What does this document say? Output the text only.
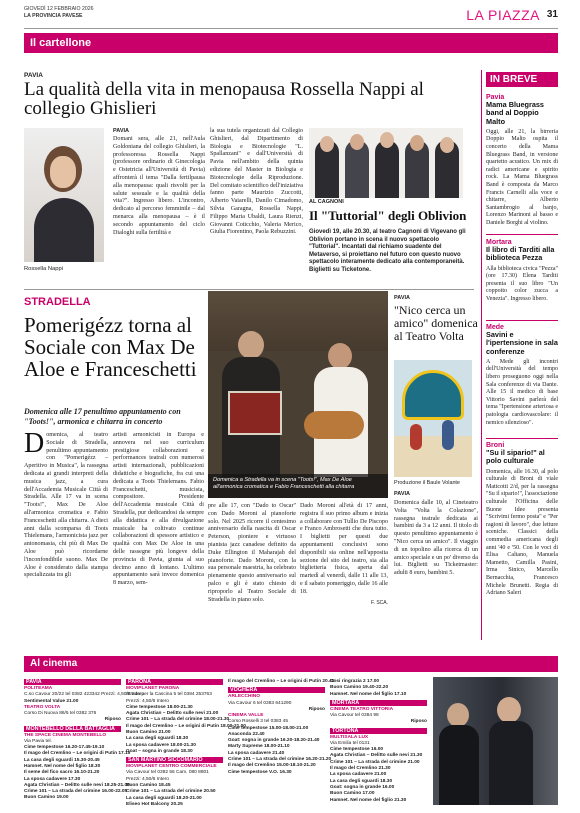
GIOVEDÌ 12 FEBBRAIO 2026
LA PROVINCIA PAVESE	LA PIAZZA 31
Il cartellone
PAVIA
La qualità della vita in menopausa Rossella Nappi al collegio Ghislieri
Rossella Nappi
PAVIA
Domani sera, alle 21, nell'Aula Goldoniana del collegio Ghislieri, la professoressa Rossella Nappi (professore ordinario di Ginecologia e Ostetricia all'Università di Pavia) affronterà il tema "Dalla fertilpausa alla menopausa: quali risvolti per la salute sessuale e la qualità della vita?". Ingresso libero. L'incontro, dedicato al percorso femminile – dal menarca alla menopausa – è il secondo appuntamento del ciclo Dialoghi sulla fertilità e
la sua tutela organizzati dal Collegio Ghislieri, dal Dipartimento di Biologia e Biotecnologie "L. Spallanzani" e dall'Università di Pavia nell'ambito della quinta edizione del Master in Biologia e Biotecnologie della Riproduzione. Del comitato scientifico dell'iniziativa fanno parte Maurizio Zuccotti, Alberto Vaiarelli, Danilo Cimadomo, Silvia Garagna, Rossella Nappi, Filippo Maria Ubaldi, Laura Rienzi, Giovanni Coticchio, Valeria Merico, Giulia Fiorentino, Paola Rebuzzini.
AL CAGNONI
Il "Tuttorial" degli Oblivion
Giovedì 19, alle 20.30, al teatro Cagnoni di Vigevano gli Oblivion portano in scena il nuovo spettacolo "Tuttorial". Incantati dal richiamo suadente del Metaverso, si proiettano nel futuro con questo nuovo spettacolo interamente dedicato alla contemporaneità. Biglietti su Ticketone.
IN BREVE
Pavia
Mama Bluegrass band al Doppio Malto
Oggi, alle 21, la birreria Doppio Malto ospita il concerto della Mama Bluegrass Band, in versione quartetto acustico. Un mix di radici americane e spirito rock. La Mama Bluegrass Band è composta da Marco Francis Carnelli alla voce e chitarre, Alberto Santambrogio al banjo, Lorenzo Marinoni al basso e Daniele Borghi al violino.
Mortara
Il libro di Tarditi alla biblioteca Pezza
Alla biblioteca civica "Pezza" (ore 17.30) Elena Tarditi presenta il suo libro "Un coppotto color zucca a Venezia". Ingresso libero.
Mede
Savini e l'ipertensione in sala conferenze
A Mede gli incontri dell'Università del tempo libero proseguono oggi nella Sala conferenze di via Dante. Alle 15 il medico di base Vittorio Savini parlerà del tema "Ipertensione arteriosa e patologia cardiovascolare: il nemico silenzioso".
Broni
"Su il sipario!" al polo culturale
Domenica, alle 16.30, al polo culturale di Broni di viale Mattcotti 2/d, per la rassegna "Su il sipario!", l'associazione culturale l'Officina delle Buone Idee presenta "Scrivimi fermo posta" e "Per ragioni di lavoro", due letture sceniche. Classici della commedia americana degli anni '40 e '50. Con le voci di Elisa Caltano, Manuela Mametto, Camilla Pasini, Irma Sinico, Marcello Bernacchia, Francesco Michele Brunetti. Regia di Adriano Saleri
STRADELLA
Pomerigézz torna al Sociale con Max De Aloe e Franceschetti
Domenica alle 17 penultimo appuntamento con "Toots!", armonica e chitarra in concerto
Domenica, al teatro Sociale di Stradella, penultimo appuntamento con "Pomerigézz – Aperitivo in Musica", la rassegna dedicata ai grandi interpreti della musica jazz, a cura dell'Accademia Musicale Città di Stradella. Alle 17 va in scena "Toots!", Max De Aloe all'armonica cromatica e Fabio Franceschetti alla chitarra. A dieci anni dalla scomparsa di Toots Thielemans, l'armonicista jazz per antonomasia, chi più di Max De Aloe può ricordarne l'inconfondibile suono. Max De Aloe è considerato dalla stampa specializzata tra gli
artisti armonicisti in Europa e annovera nel suo curriculum prestigiose collaborazioni e performances teatrali con numerosi artisti internazionali, pubblicazioni didattiche e biografiche, fra cui una dedicata a Toots Thielemans. Fabio Franceschetti, musicista, compositore. Presidente dell'Accademia musicale Città di Stradella, pur dedicandosi da sempre alla didattica e alla divulgazione musicale ha coltivato continue collaborazioni di spessore artistico e qualità con Max De Aloe in una delle rassegne più longeve della provincia di Pavia, giunta al suo decimo anno di lontano. L'ultimo appuntamento sarà invece domenica 8 marzo, sem-
Domenica a Stradella va in scena "Toots!", Max De Aloe all'armonica cromatica e Fabio Franceschetti alla chitarra
pre alle 17, con "Dado to Oscar" con Dado Moroni al pianoforte solo. Nel 2025 ricorre il centesimo anniversario della nascita di Oscar Peterson, pioniere e virtuoso pianista jazz canadese definito da Duke Ellington il Maharajah del pianoforte. Dado Moroni, con la sua personale maestria, ha celebrato pienamente questo anniversario sul palco e gli è stato chiesto di riproporlo al Teatro Sociale di Stradella in piano solo.
Dado Moroni all'età di 17 anni, registra il suo primo album e inizia a collaborare con Tullio De Piscopo e Franco Ambrosetti che dura tutto. I biglietti per questi due appuntamenti conclusivi sono disponibili sia online nell'apposita sezione del sito del teatro, sia alla biglietteria fisica, aperta dal martedì al venerdì, dalle 11 alle 13, e il sabato pomeriggio, dalle 16 alle 18.
F. SCA.
PAVIA
"Nico cerca un amico" domenica al Teatro Volta
Produzione il Baule Volante
PAVIA
Domenica dalle 10, al Cineteatro Volta "Volta la Colazione", rassegna teatrale dedicata ai bambini da 3 a 12 anni. Il titolo di questo penultimo appuntamento è "Nico cerca un amico". Il viaggio di un topolino alla ricerca di un amico speciale e un po' diverso da lui. Biglietti su Ticketmaster: adulti 8 euro, bambini 5.
Al cinema
PAVIA
POLITEAMA
C.so Cavour 20/22 tel 0382 423342 Prezzi: 4,50/6 Intero
Sentimental Value 21.00
TEATRO VOLTA
Corso Di Nuova 86/5 tel 0382 376
Riposo
MONTEBELLO DELLA BATTAGLIA
THE SPACE CINEMA MONTEBELLO
Via Pavia tel.
Cime tempestose 16.20-17.45-19.10
Il mago del Cremlino – Le origini di Putin 17.15
La casa degli sguardi 15.30-20.45
Hamnet. Nel nome del figlio 18.30
Il seme del fico sacro 16.10-21.20
La sposa cadavere 17.30
Agata Christian – Delitto sulle nevi 18.25-21.00
Crime 101 – La strada del crimine 16.00-22.05
Buon Camino 19.00
PARONA
MOVIPLANET PARONA
Strada per la Cascina 5 tel 0384 253763
Prezzi: 4,50/6 Intero
Cime tempestose 18.00-21.30
Agata Christian – Delitto sulle nevi 21.00
Crime 101 – La strada del crimine 18.00-21.30
Il mago del Cremlino – Le origini di Putin 18.00-21.00
Buon Camino 21.00
La casa degli sguardi 18.30
La sposa cadavere 18.00-21.30
Goat – sogna in grande 18.30
SAN MARTINO SICCOMARIO
MOVIPLANET CENTRO COMMERCIALE
Via Cavour tel 0382 56 Cam. 080 8801
Prezzi: 4,50/6 Intero
Buon Camino 18.45
Crime 101 – La strada del crimine 20.50
La casa degli sguardi 18.20-21.00
Eliseo Hot Balcony 20.25
Il mago del Cremlino – Le origini di Putin 20.45
VOGHERA
ARLECCHINO
Via Cavour 6 tel 0383 641290
Riposo
CINEMA VALLE
Corso Rosselli 3 tel 0383 45
Cime tempestose 15.00-18.00-21.00
Anaconda 22.40
Goat: sogna in grande 16.20-18.20-21.40
Marty Supreme 18.00-21.10
La sposa cadavere 21.40
Crime 101 – La strada del crimine 16.20-21.20
Il mago del Cremlino 15.00-18.10-21.20
Cime tempestose V.O. 16.30
Cosi ringrazia 2 17.00
Buon Camino 19.40-22.20
Hamnet. Nel nome del figlio 17.10
MORTARA
CINEMA TEATRO VITTORIA
Via Cavour tel 0384 98
Riposo
TORTONA
MULTISALA LUX
Via Emilia tel 0131
Cime tempestose 16.00
Agata Christian – Delitto sulle nevi 21.30
Crime 101 – La strada del crimine 21.00
Il mago del Cremlino 21.30
La sposa cadavere 21.00
La casa degli sguardi 18.30
Goat: sogna in grande 16.00
Buon Camino 17.00
Hamnet. Nel nome del figlio 21.30
